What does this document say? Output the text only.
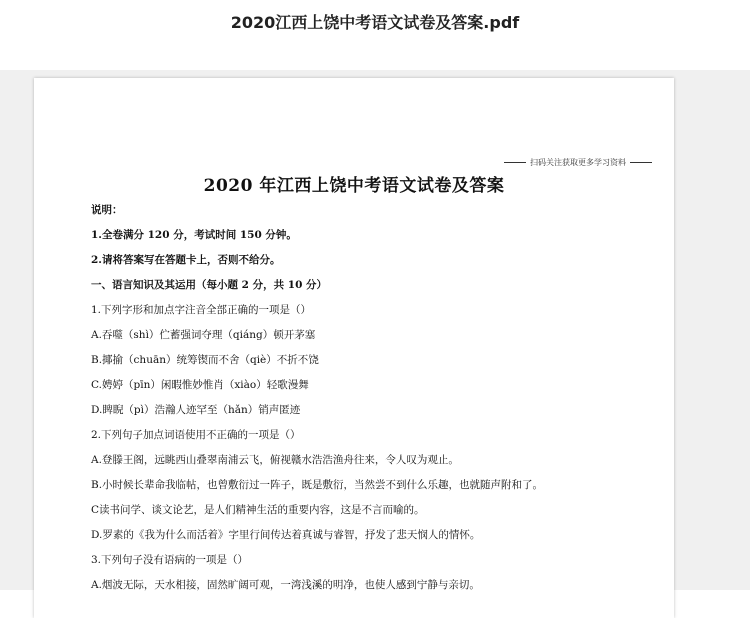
2020江西上饶中考语文试卷及答案.pdf
扫码关注获取更多学习资料
2020 年江西上饶中考语文试卷及答案
说明：
1.全卷满分 120 分，考试时间 150 分钟。
2.请将答案写在答题卡上，否则不给分。
一、语言知识及其运用（每小题 2 分，共 10 分）
1.下列字形和加点字注音全部正确的一项是（）
A.吞噬（shì）伫蓄强词夺理（qiáng）顿开茅塞
B.揶揄（chuān）统筹锲而不舍（qiè）不折不饶
C.娉婷（pīn）闲暇惟妙惟肖（xiào）轻歌漫舞
D.睥睨（pì）浩瀚人迹罕至（hǎn）销声匿迹
2.下列句子加点词语使用不正确的一项是（）
A.登滕王阁，远眺西山叠翠南浦云飞，俯视赣水浩浩渔舟往来，令人叹为观止。
B.小时候长辈命我临帖，也曾敷衍过一阵子，既是敷衍，当然尝不到什么乐趣，也就随声附和了。
C读书问学、谈文论艺，是人们精神生活的重要内容，这是不言而喻的。
D.罗素的《我为什么而活着》字里行间传达着真诚与睿智，抒发了悲天悯人的情怀。
3.下列句子没有语病的一项是（）
A.烟波无际，天水相接，固然旷阔可观，一湾浅溪的明净，也使人感到宁静与亲切。
